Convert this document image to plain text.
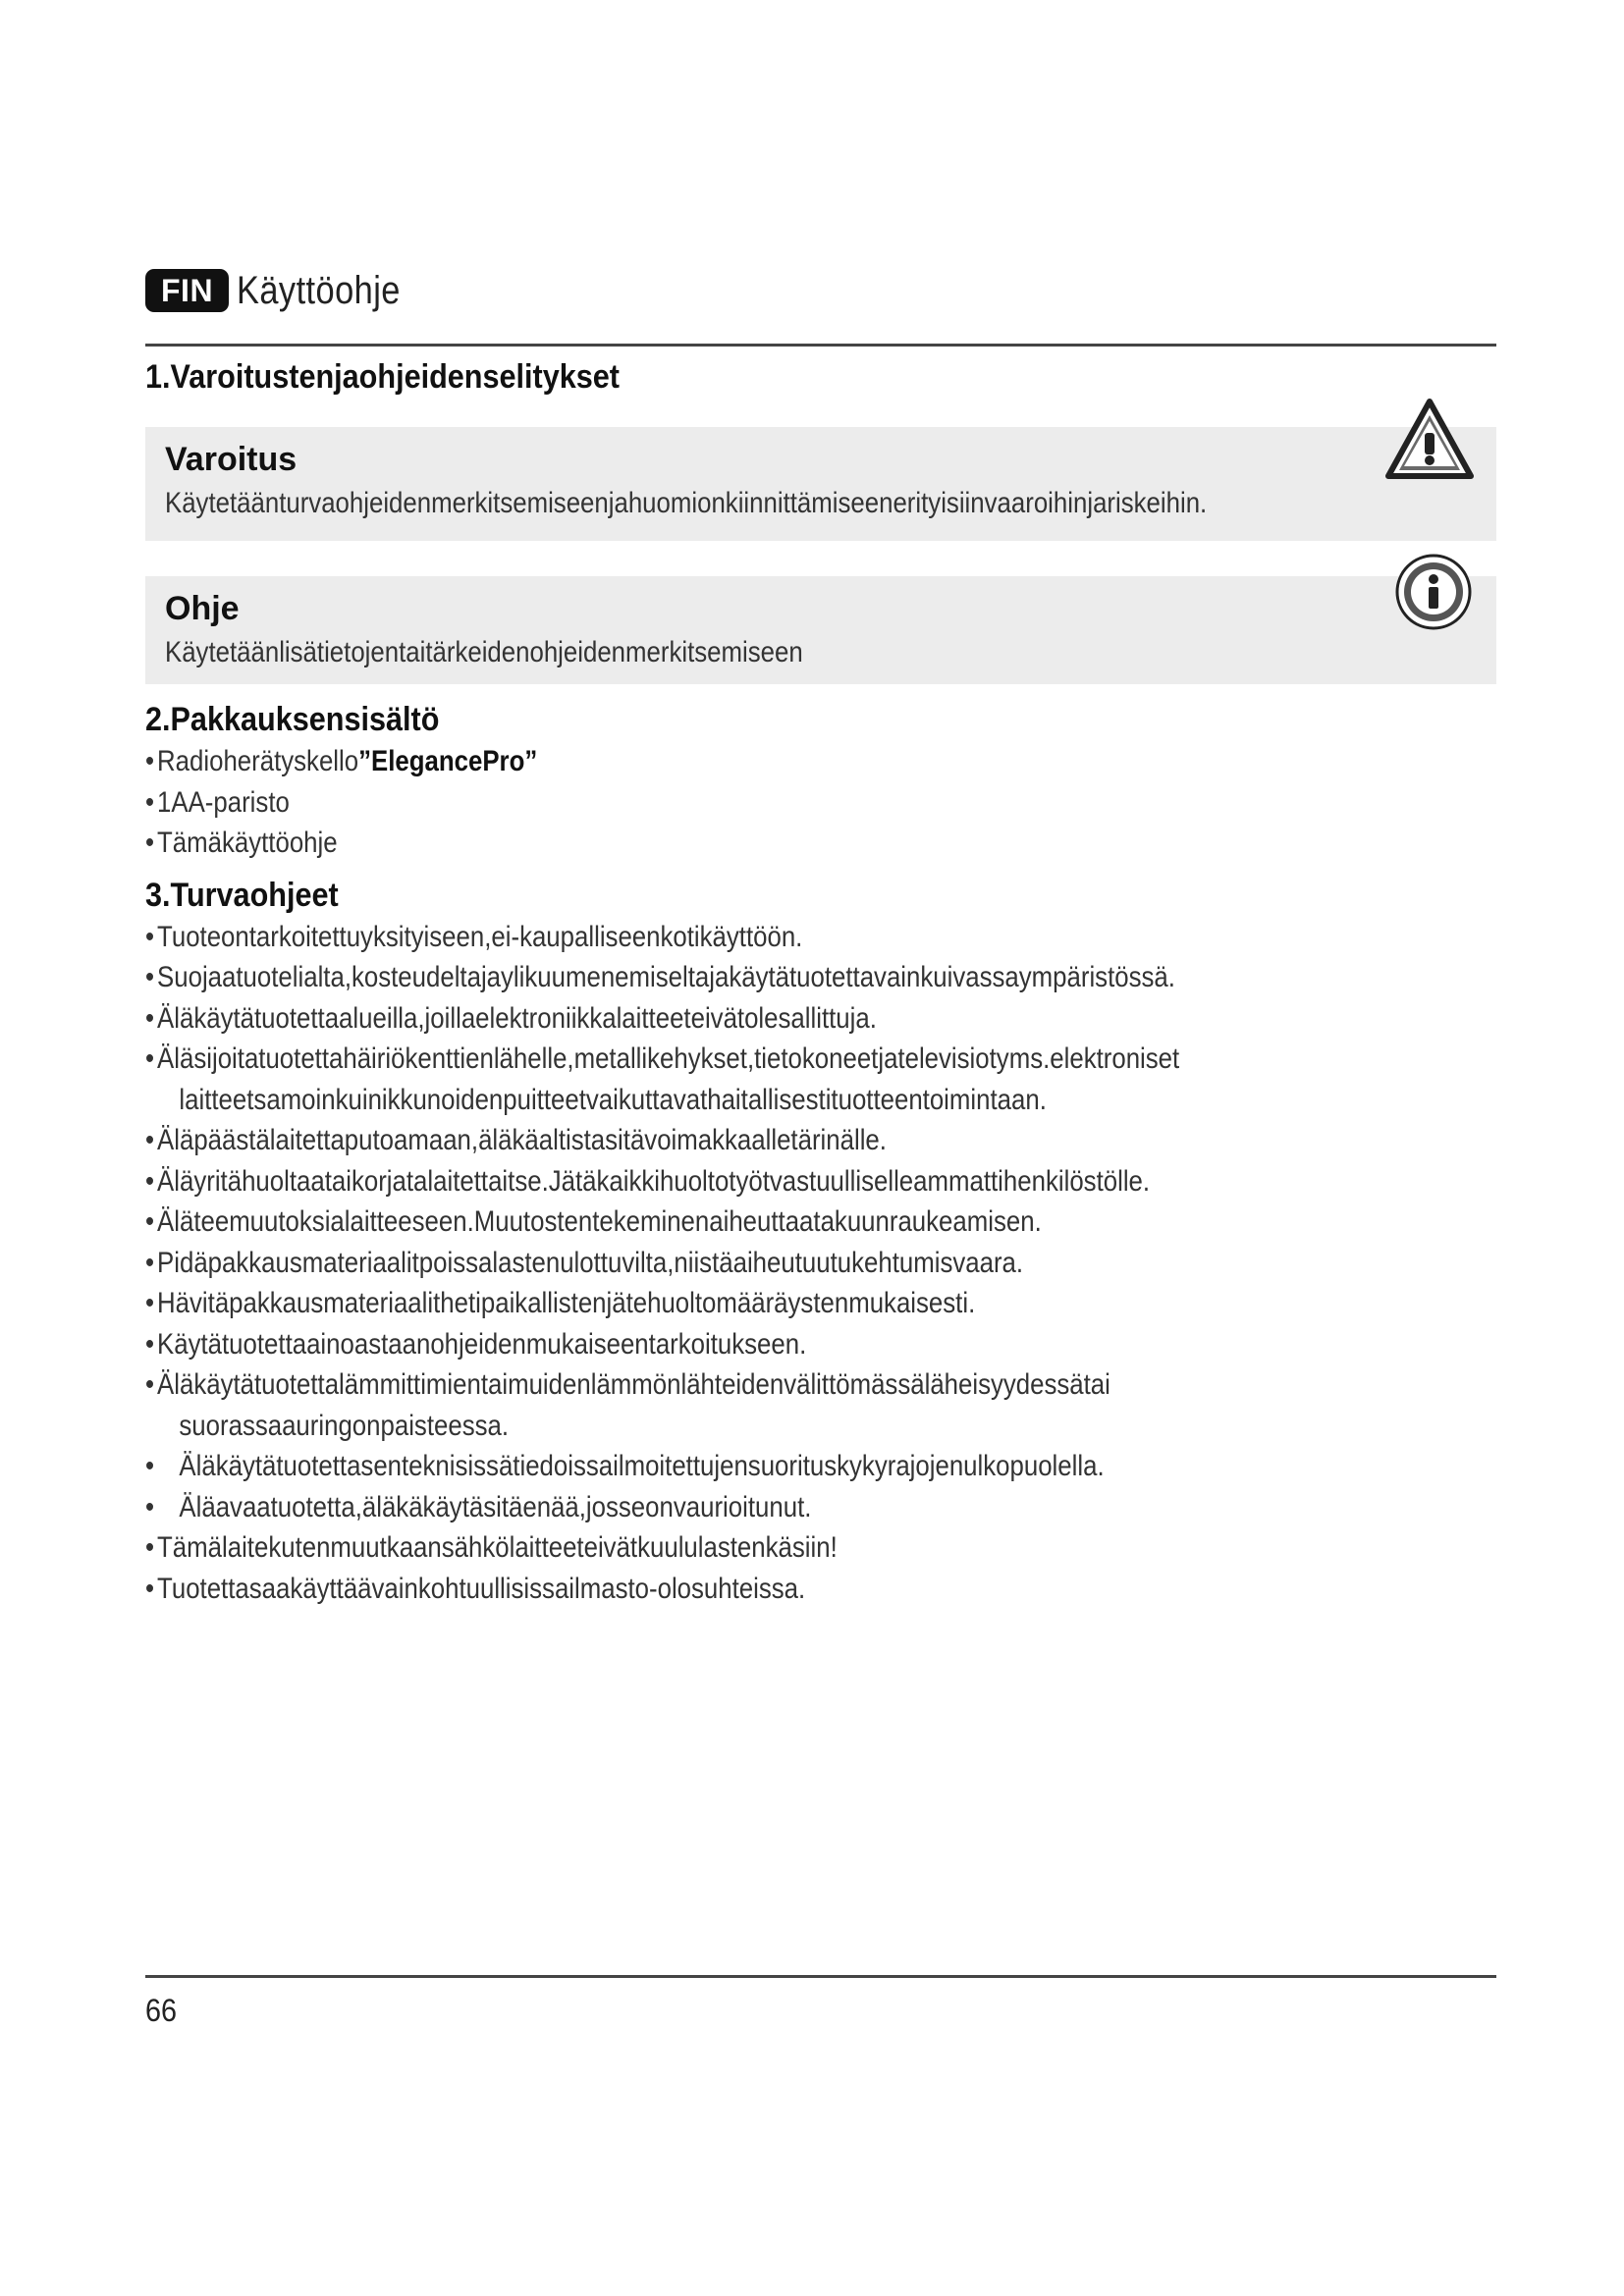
FIN Käyttöohje
1.Varoitustenjaohjeidenselitykset
Varoitus
Käytetäänturvaohjeidenmerkitsemiseenjahuomionkiinnittämiseenerityisiinvaaroihinjariskeihin.
Ohje
Käytetäänlisätietojentaitärkeidenohjeidenmerkitsemiseen
2.Pakkauksensisältö
•Radioherätyskello”ElegancePro”
•1AA-paristo
•Tämäkäyttöohje
3.Turvaohjeet
•Tuoteontarkoitettuyksityiseen,ei-kaupalliseenkotikäyttöön.
•Suojaatuotelialta,kosteudeltajaylikuumenemiseltajakäytätuotettavainkuivassaympäristössä.
•Äläkäytätuotettaalueilla,joillaelektroniikkalaitteeteivätolesallittuja.
•Äläsijoitatuotettahäiriökenttienlähelle,metallikehykset,tietokoneetjatelevisiotyms.elektroniset
laitteetsamoinkuinikkunoidenpuitteetvaikuttavathaitallisestituotteentoimintaan.
•Äläpäästälaitettaputoamaan,äläkäaltistasitävoimakkaalletärinälle.
•Äläyritähuoltaataikorjatalaitettaitse.Jätäkaikkihuoltotyötvastuulliselleammattihenkilöstölle.
•Äläteemuutoksialaitteeseen.Muutostentekeminenaiheuttaatakuunraukeamisen.
•Pidäpakkausmateriaalitpoissalastenulottuvilta,niistäaiheutuutukehtumisvaara.
•Hävitäpakkausmateriaalithetipaikallistenjätehuoltomääräystenmukaisesti.
•Käytätuotettaainoastaanohjeidenmukaiseentarkoitukseen.
•Äläkäytätuotettalämmittimientaimuidenlämmönlähteidenvälittömässäläheisyydessätai
suorassaauringonpaisteessa.
• Äläkäytätuotettasenteknisissätiedoissailmoitettujensuorituskykyrajojenulkopuolella.
• Äläavaatuotetta,äläkäkäytäsitäenää,josseonvaurioitunut.
•Tämälaitekutenmuutkaansähkölaitteeteivätkuululastenkäsiin!
•Tuotettasaakäyttäävainkohtuullisissailmasto-olosuhteissa.
66
